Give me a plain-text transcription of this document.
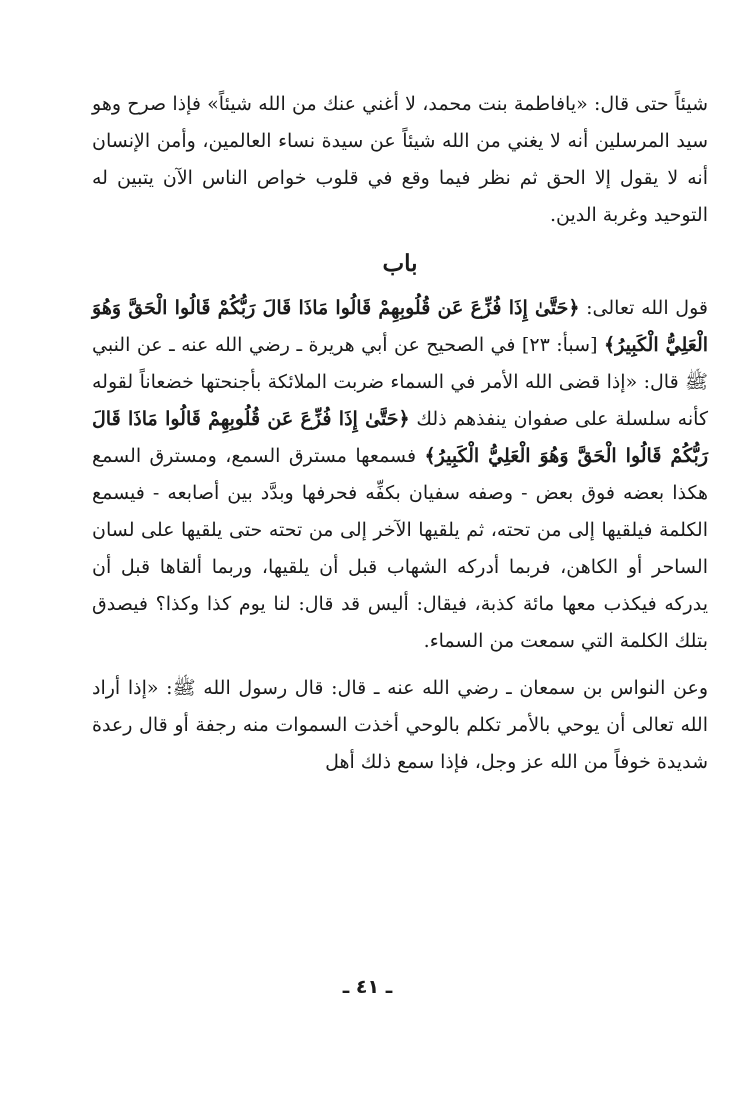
شيئاً حتى قال: «يافاطمة بنت محمد، لا أغني عنك من الله شيئاً» فإذا صرح وهو سيد المرسلين أنه لا يغني من الله شيئاً عن سيدة نساء العالمين، وأمن الإنسان أنه لا يقول إلا الحق ثم نظر فيما وقع في قلوب خواص الناس الآن يتبين له التوحيد وغربة الدين.

باب

قول الله تعالى: ﴿حَتَّىٰ إِذَا فُزِّعَ عَن قُلُوبِهِمْ قَالُوا مَاذَا قَالَ رَبُّكُمْ قَالُوا الْحَقَّ وَهُوَ الْعَلِيُّ الْكَبِيرُ﴾ [سبأ: ٢٣] في الصحيح عن أبي هريرة ـ رضي الله عنه ـ عن النبي ﷺ قال: «إذا قضى الله الأمر في السماء ضربت الملائكة بأجنحتها خضعاناً لقوله كأنه سلسلة على صفوان ينفذهم ذلك ﴿حَتَّىٰ إِذَا فُزِّعَ عَن قُلُوبِهِمْ قَالُوا مَاذَا قَالَ رَبُّكُمْ قَالُوا الْحَقَّ وَهُوَ الْعَلِيُّ الْكَبِيرُ﴾ فسمعها مسترق السمع، ومسترق السمع هكذا بعضه فوق بعض - وصفه سفيان بكفِّه فحرفها وبدَّد بين أصابعه - فيسمع الكلمة فيلقيها إلى من تحته، ثم يلقيها الآخر إلى من تحته حتى يلقيها على لسان الساحر أو الكاهن، فربما أدركه الشهاب قبل أن يلقيها، وربما ألقاها قبل أن يدركه فيكذب معها مائة كذبة، فيقال: أليس قد قال: لنا يوم كذا وكذا؟ فيصدق بتلك الكلمة التي سمعت من السماء.

وعن النواس بن سمعان ـ رضي الله عنه ـ قال: قال رسول الله ﷺ: «إذا أراد الله تعالى أن يوحي بالأمر تكلم بالوحي أخذت السموات منه رجفة أو قال رعدة شديدة خوفاً من الله عز وجل، فإذا سمع ذلك أهل

ـ ٤١ ـ
